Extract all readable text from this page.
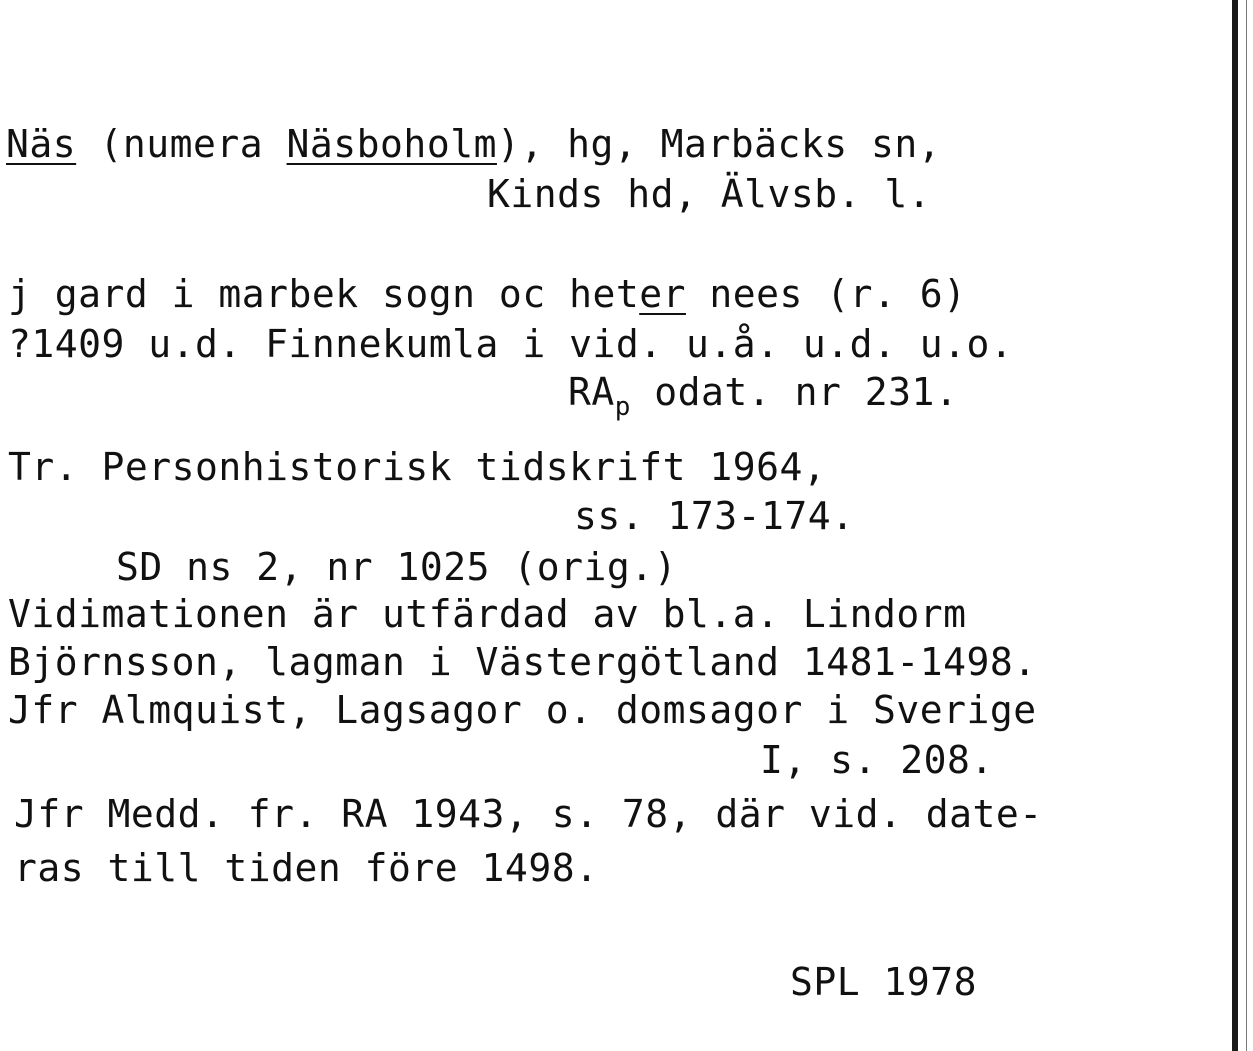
Näs (numera Näsboholm), hg, Marbäcks sn,
Kinds hd, Älvsb. l.
j gard i marbek sogn oc heter nees (r. 6)
?1409 u.d. Finnekumla i vid. u.å. u.d. u.o.
$RA_p$ odat. nr 231.
Tr. Personhistorisk tidskrift 1964,
ss. 173-174.
SD ns 2, nr 1025 (orig.)
Vidimationen är utfärdad av bl.a. Lindorm
Björnsson, lagman i Västergötland 1481-1498.
Jfr Almquist, Lagsagor o. domsagor i Sverige
I, s. 208.
Jfr Medd. fr. RA 1943, s. 78, där vid. date-
ras till tiden före 1498.
SPL 1978
